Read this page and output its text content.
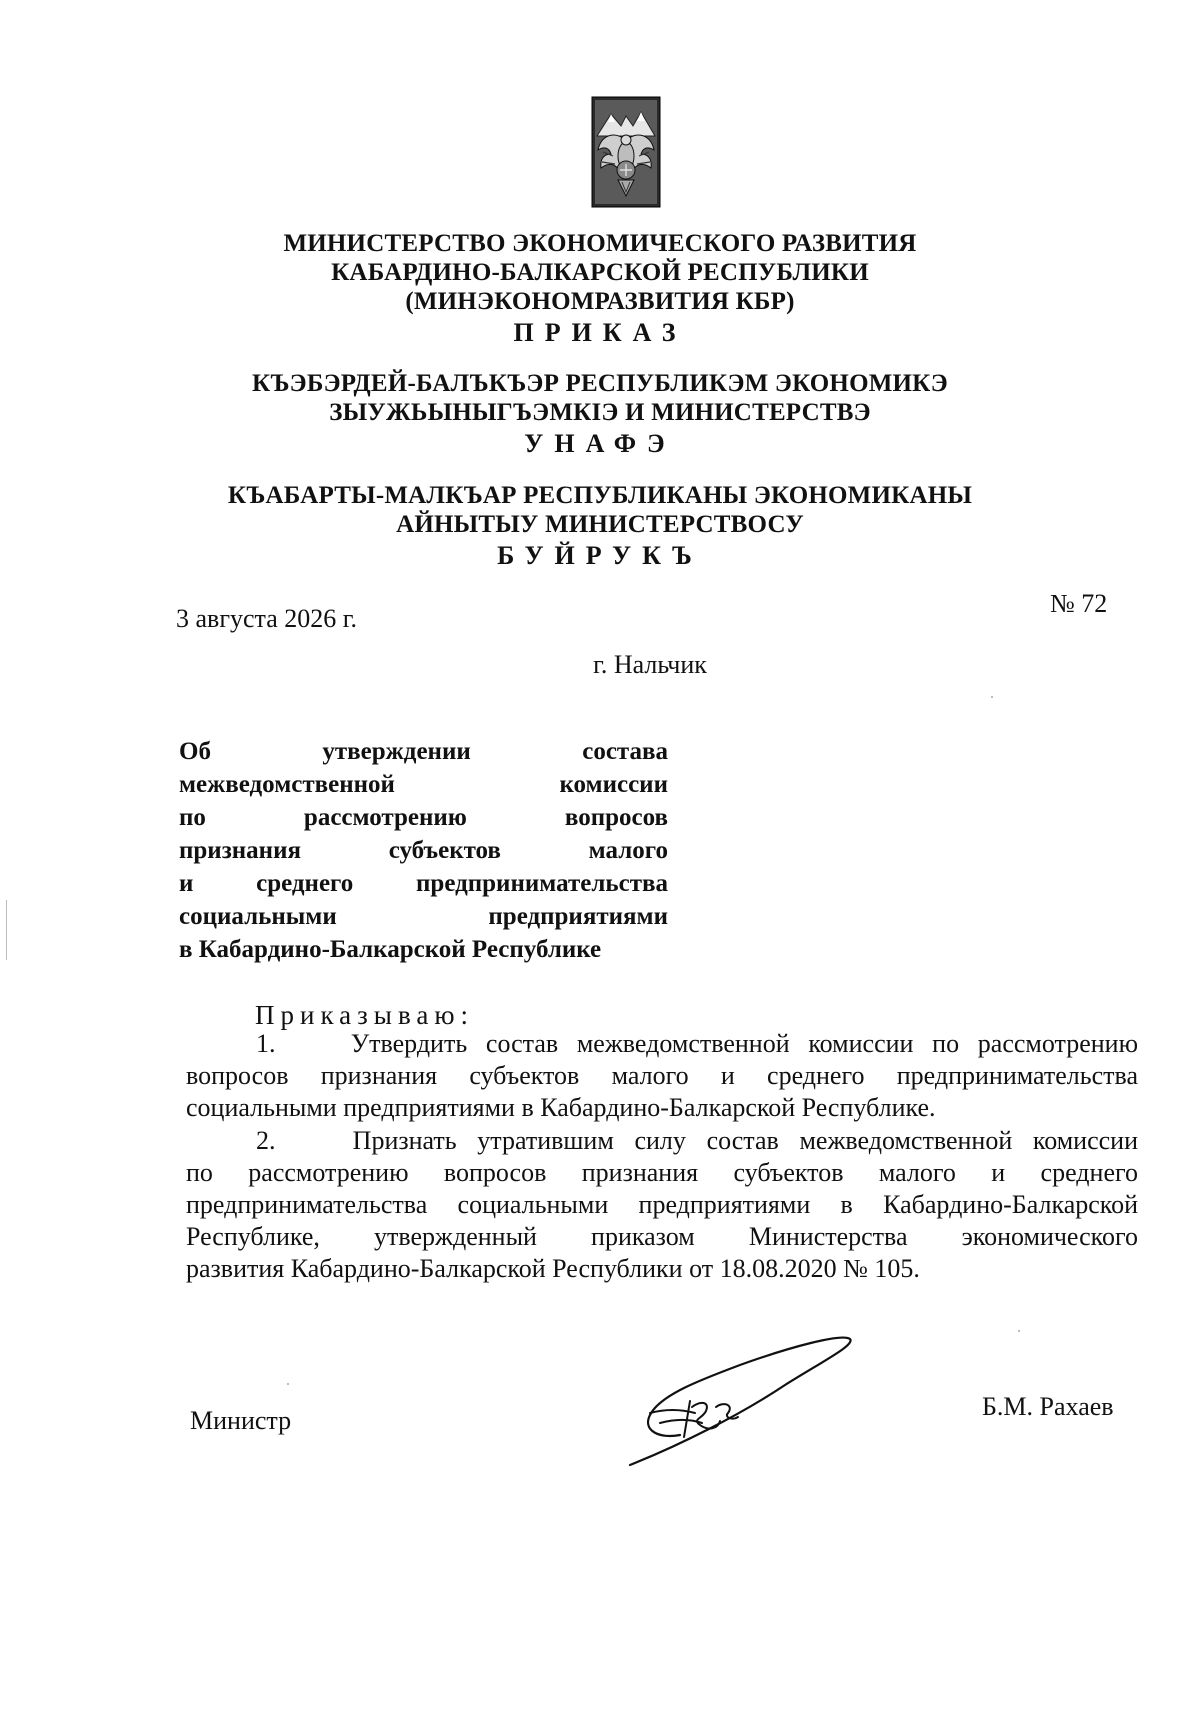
МИНИСТЕРСТВО ЭКОНОМИЧЕСКОГО РАЗВИТИЯ
КАБАРДИНО-БАЛКАРСКОЙ РЕСПУБЛИКИ
(МИНЭКОНОМРАЗВИТИЯ КБР)
ПРИКАЗ
КЪЭБЭРДЕЙ-БАЛЪКЪЭР РЕСПУБЛИКЭМ ЭКОНОМИКЭ
ЗЫУЖЬЫНЫГЪЭМКIЭ И МИНИСТЕРСТВЭ
УНАФЭ
КЪАБАРТЫ-МАЛКЪАР РЕСПУБЛИКАНЫ ЭКОНОМИКАНЫ
АЙНЫТЫУ МИНИСТЕРСТВОСУ
БУЙРУКЪ
3 августа 2026 г.
№ 72
г. Нальчик
Об утверждении состава
межведомственной комиссии
по рассмотрению вопросов
признания субъектов малого
и среднего предпринимательства
социальными предприятиями
в Кабардино-Балкарской Республике
Приказываю:
1.	Утвердить состав межведомственной комиссии по рассмотрению
вопросов признания субъектов малого и среднего предпринимательства
социальными предприятиями в Кабардино-Балкарской Республике.
2.	Признать утратившим силу состав межведомственной комиссии
по рассмотрению вопросов признания субъектов малого и среднего
предпринимательства социальными предприятиями в Кабардино-Балкарской
Республике, утвержденный приказом Министерства экономического
развития Кабардино-Балкарской Республики от 18.08.2020 № 105.
Министр	Б.М. Рахаев
